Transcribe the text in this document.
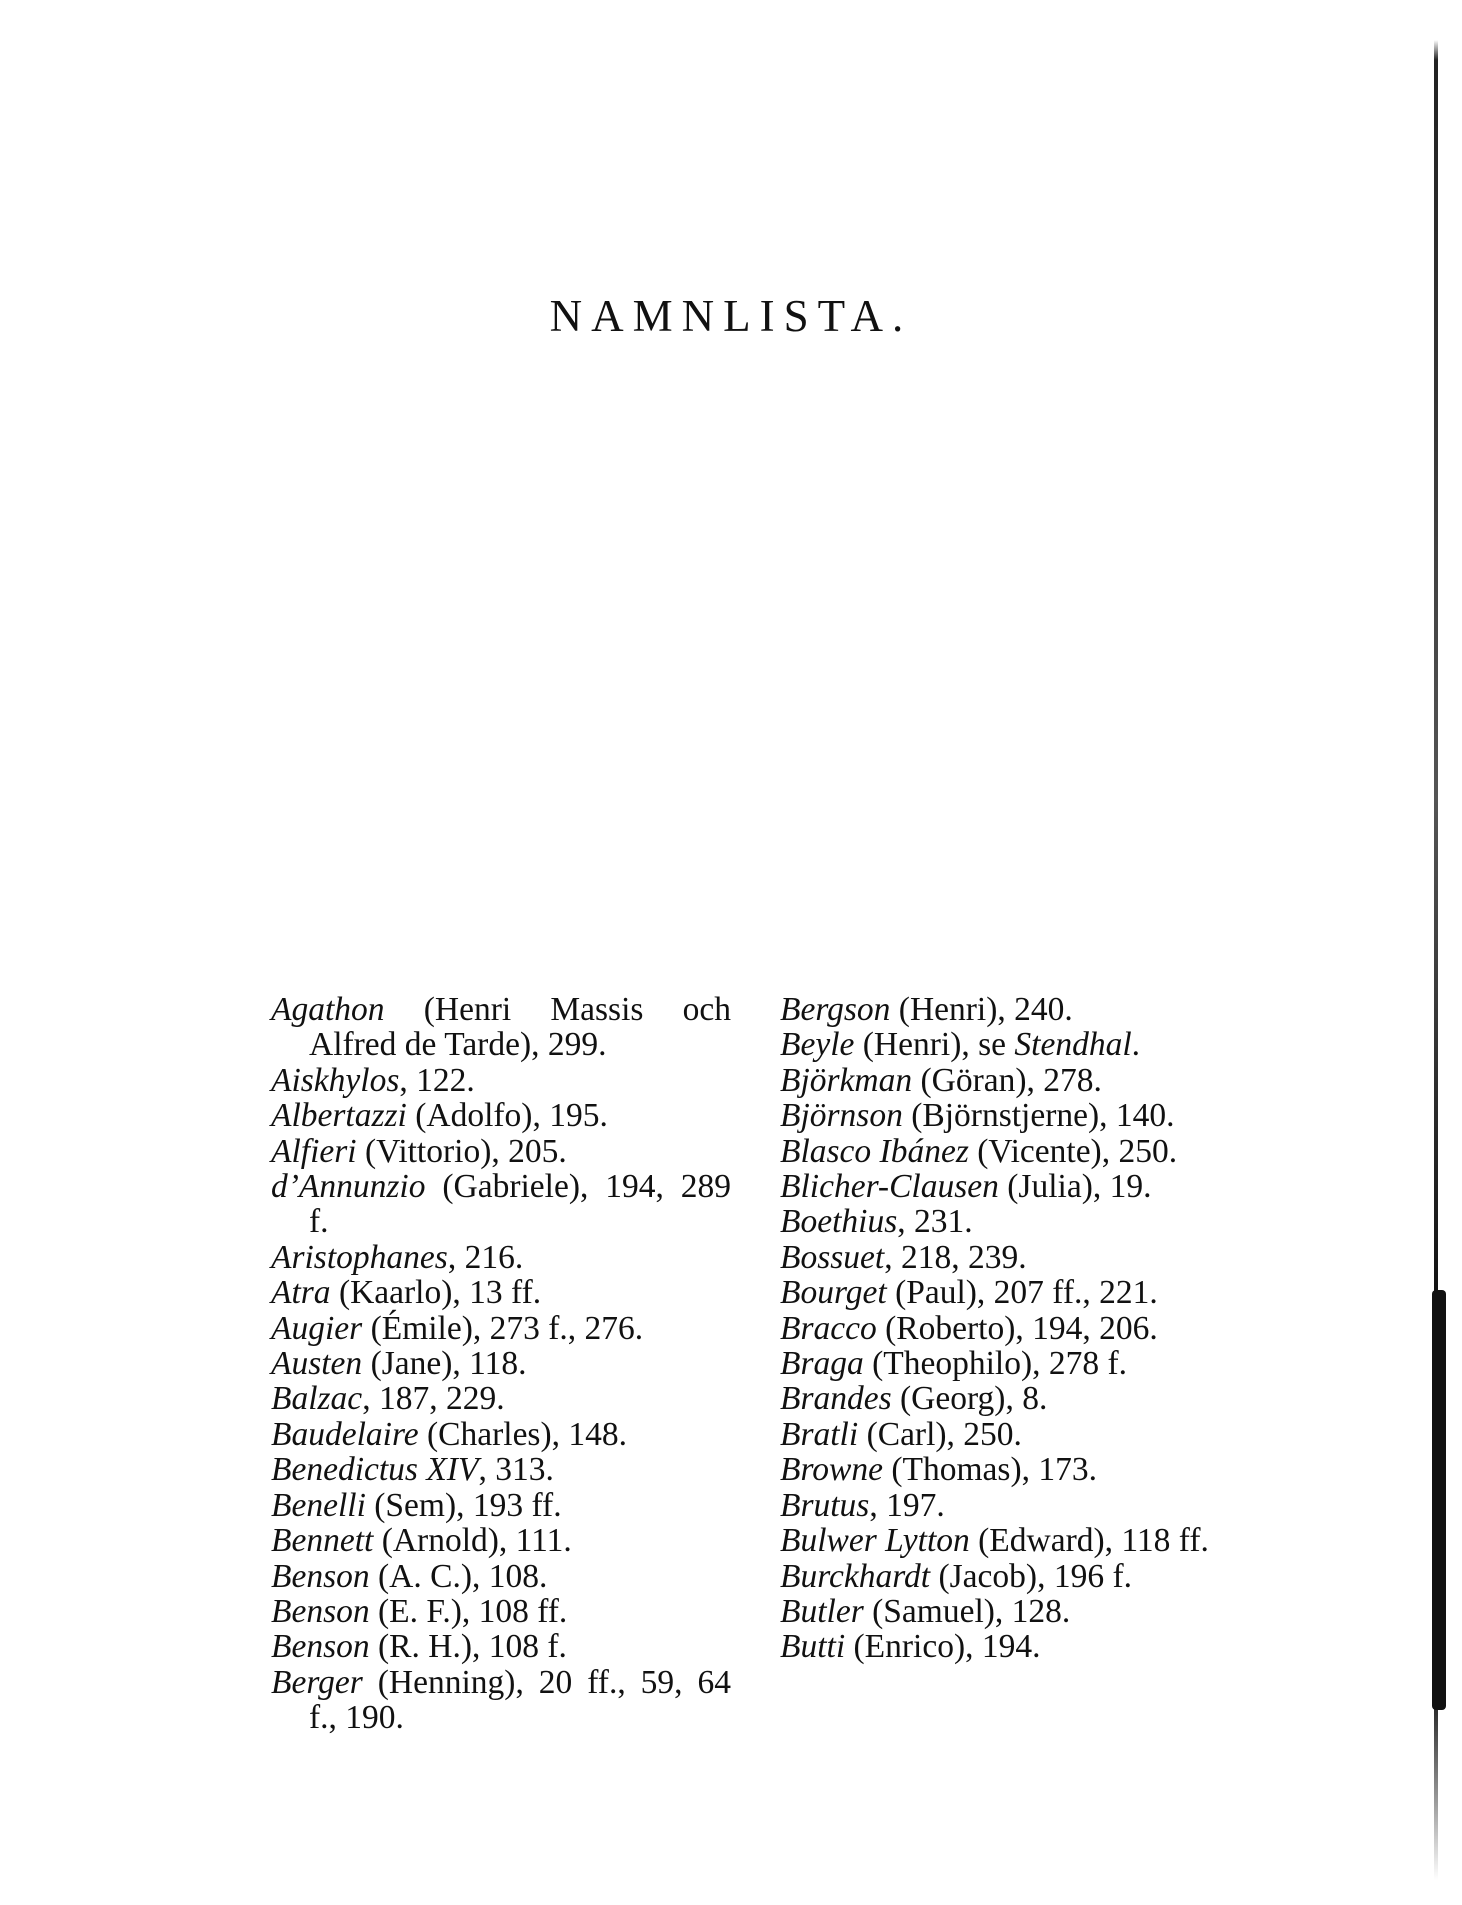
NAMNLISTA.
Agathon (Henri Massis och Alfred de Tarde), 299.
Aiskhylos, 122.
Albertazzi (Adolfo), 195.
Alfieri (Vittorio), 205.
d’Annunzio (Gabriele), 194, 289 f.
Aristophanes, 216.
Atra (Kaarlo), 13 ff.
Augier (Émile), 273 f., 276.
Austen (Jane), 118.
Balzac, 187, 229.
Baudelaire (Charles), 148.
Benedictus XIV, 313.
Benelli (Sem), 193 ff.
Bennett (Arnold), 111.
Benson (A. C.), 108.
Benson (E. F.), 108 ff.
Benson (R. H.), 108 f.
Berger (Henning), 20 ff., 59, 64 f., 190.
Bergson (Henri), 240.
Beyle (Henri), se Stendhal.
Björkman (Göran), 278.
Björnson (Björnstjerne), 140.
Blasco Ibánez (Vicente), 250.
Blicher-Clausen (Julia), 19.
Boethius, 231.
Bossuet, 218, 239.
Bourget (Paul), 207 ff., 221.
Bracco (Roberto), 194, 206.
Braga (Theophilo), 278 f.
Brandes (Georg), 8.
Bratli (Carl), 250.
Browne (Thomas), 173.
Brutus, 197.
Bulwer Lytton (Edward), 118 ff.
Burckhardt (Jacob), 196 f.
Butler (Samuel), 128.
Butti (Enrico), 194.
